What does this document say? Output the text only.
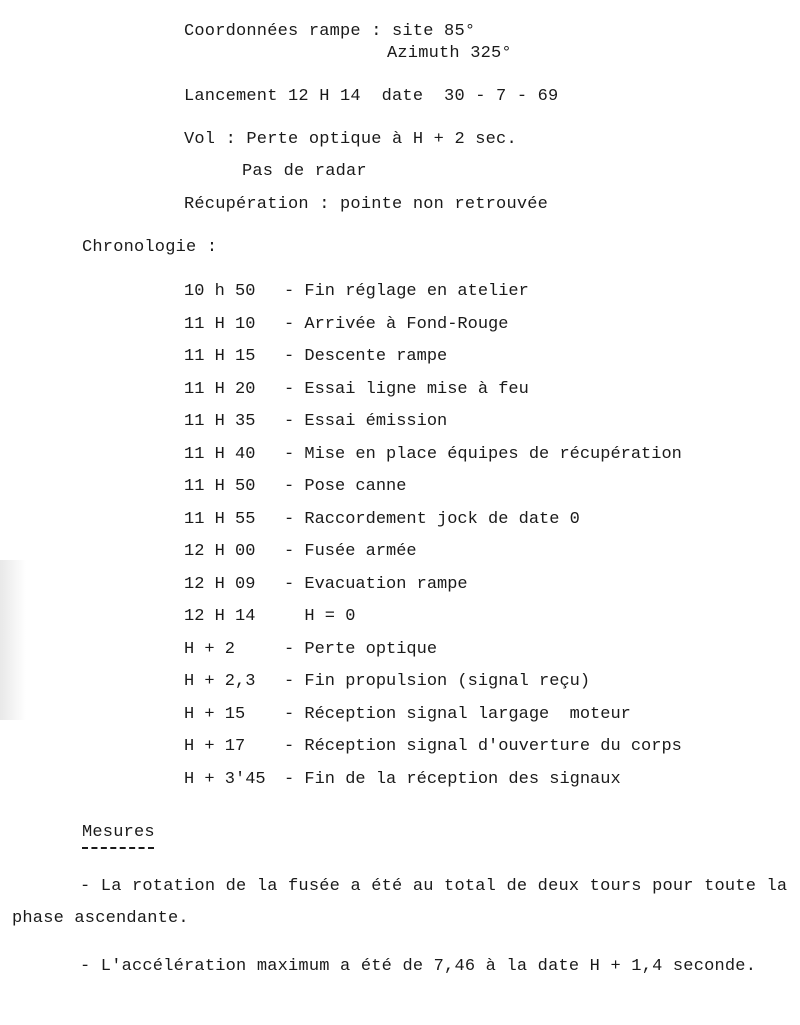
Coordonnées rampe : site 85°
Azimuth 325°
Lancement 12 H 14  date  30 - 7 - 69
Vol : Perte optique à H + 2 sec.
Pas de radar
Récupération : pointe non retrouvée
Chronologie :
10 h 50 - Fin réglage en atelier
11 H 10 - Arrivée à Fond-Rouge
11 H 15 - Descente rampe
11 H 20 - Essai ligne mise à feu
11 H 35 - Essai émission
11 H 40 - Mise en place équipes de récupération
11 H 50 - Pose canne
11 H 55 - Raccordement jock de date 0
12 H 00 - Fusée armée
12 H 09 - Evacuation rampe
12 H 14  H = 0
H + 2	- Perte optique
H + 2,3 - Fin propulsion (signal reçu)
H + 15 - Réception signal largage  moteur
H + 17 - Réception signal d'ouverture du corps
H + 3'45 - Fin de la réception des signaux
Mesures
- La rotation de la fusée a été au total de deux tours pour toute la
phase ascendante.
- L'accélération maximum a été de 7,46 à la date H + 1,4 seconde.
